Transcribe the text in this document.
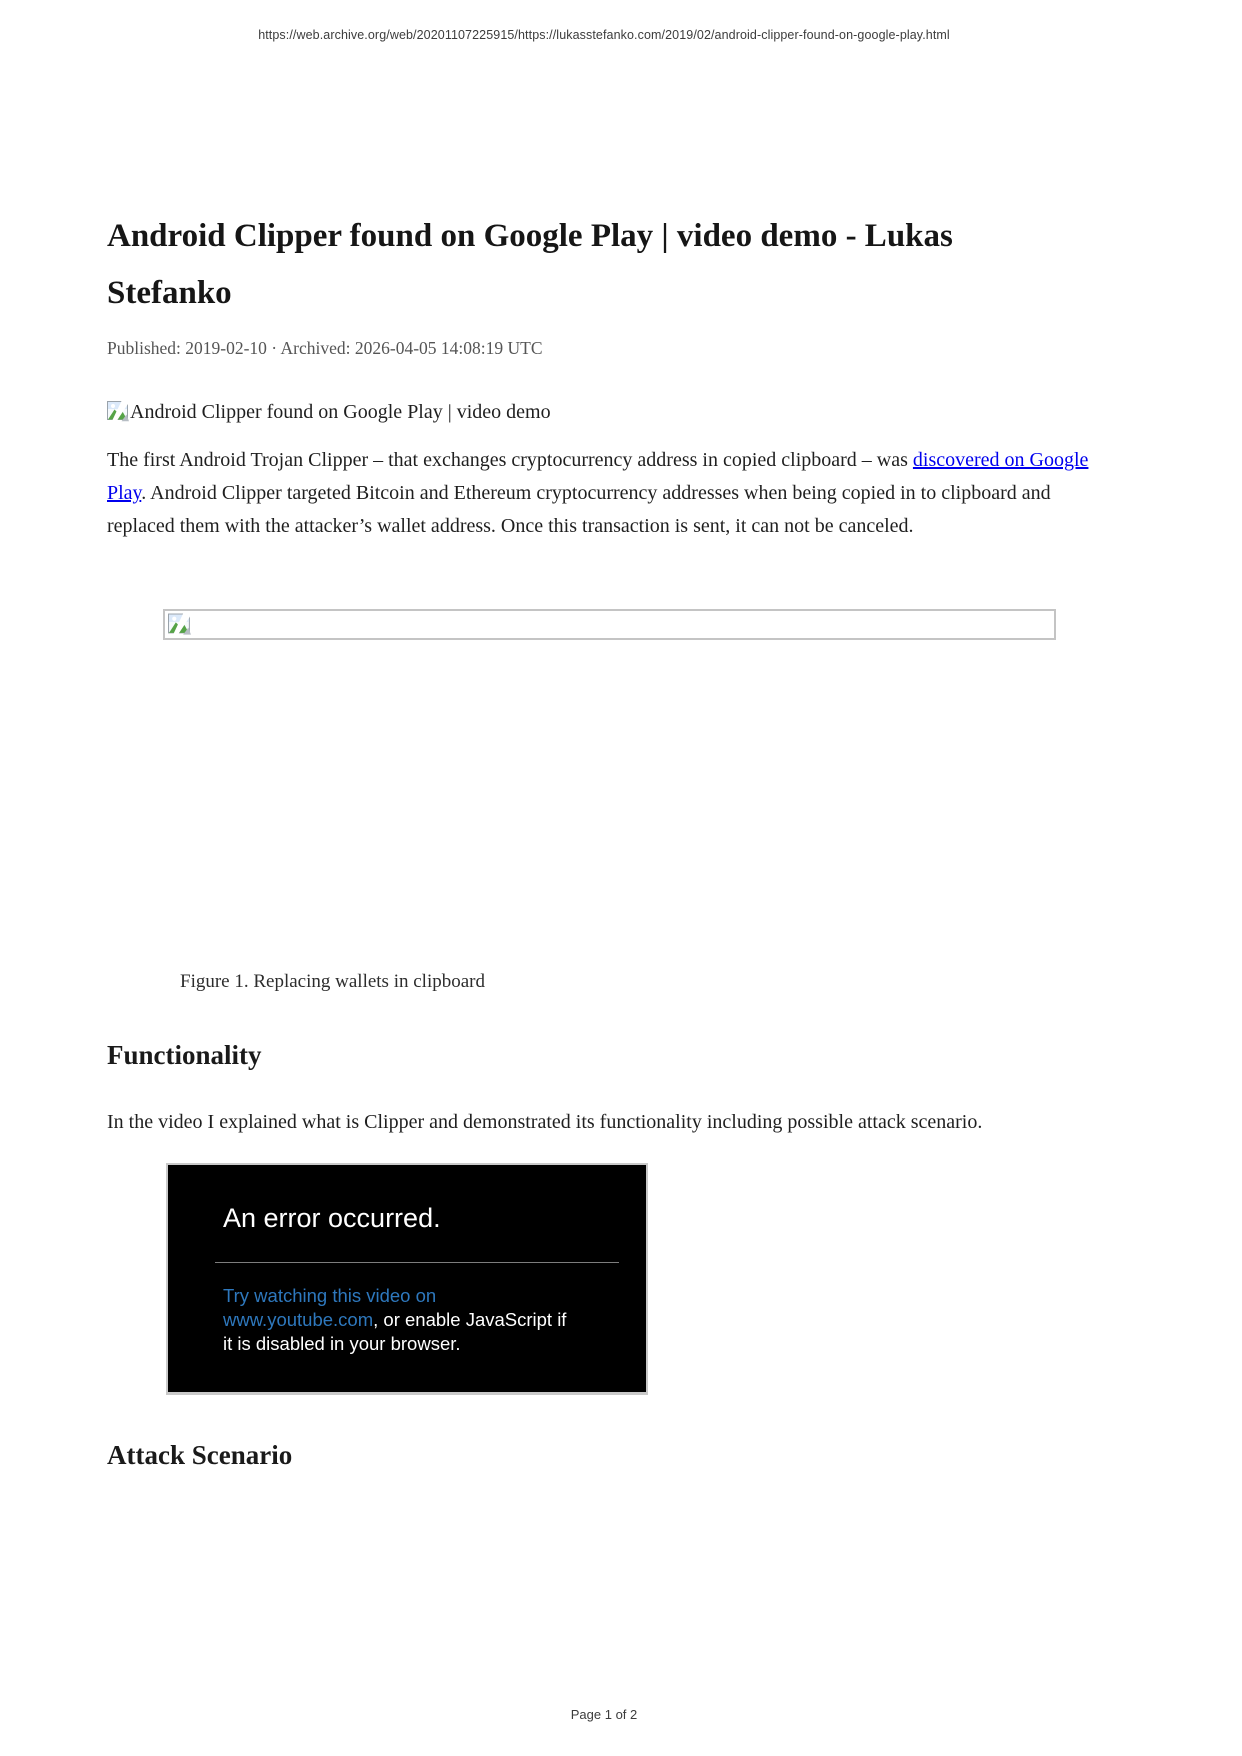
https://web.archive.org/web/20201107225915/https://lukasstefanko.com/2019/02/android-clipper-found-on-google-play.html
Android Clipper found on Google Play | video demo - Lukas Stefanko
Published: 2019-02-10 · Archived: 2026-04-05 14:08:19 UTC
Android Clipper found on Google Play | video demo

The first Android Trojan Clipper – that exchanges cryptocurrency address in copied clipboard – was discovered on Google Play. Android Clipper targeted Bitcoin and Ethereum cryptocurrency addresses when being copied in to clipboard and replaced them with the attacker’s wallet address. Once this transaction is sent, it can not be canceled.

Figure 1. Replacing wallets in clipboard
Functionality

In the video I explained what is Clipper and demonstrated its functionality including possible attack scenario.

An error occurred.
Try watching this video on
www.youtube.com, or enable JavaScript if
it is disabled in your browser.
Attack Scenario
Page 1 of 2
